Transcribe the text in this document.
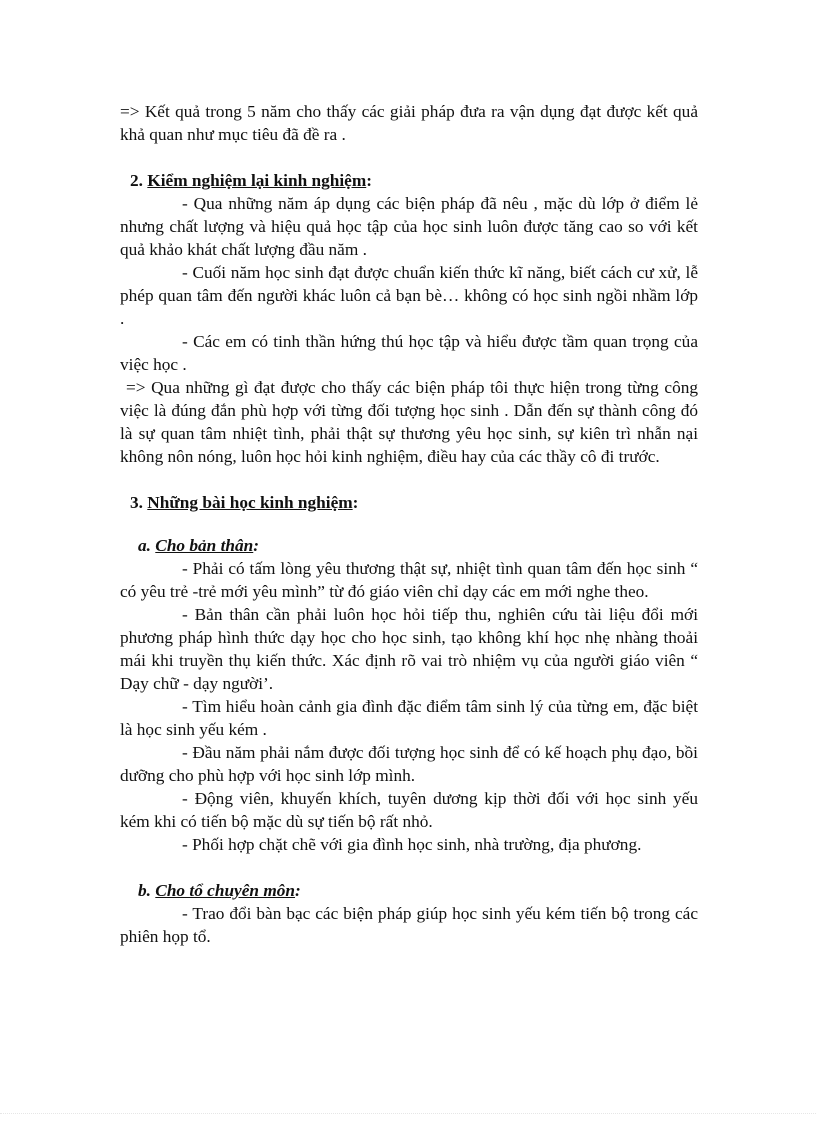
=> Kết quả trong 5 năm cho thấy các giải pháp đưa ra vận dụng đạt được kết quả khả quan như mục tiêu đã đề ra .

2. Kiểm nghiệm lại kinh nghiệm:

- Qua những năm áp dụng các biện pháp đã nêu , mặc dù lớp ở điểm lẻ nhưng chất lượng và hiệu quả học tập của học sinh luôn được tăng cao so với kết quả khảo khát chất lượng đầu năm .

- Cuối năm học sinh đạt được chuẩn kiến thức kĩ năng, biết cách cư xử, lễ phép quan tâm đến người khác luôn cả bạn bè… không có học sinh ngồi nhầm lớp .

- Các em có tinh thần hứng thú học tập và hiểu được tầm quan trọng của việc học .

=> Qua những gì đạt được cho thấy các biện pháp tôi thực hiện trong từng công việc là đúng đắn phù hợp với từng đối tượng học sinh . Dẫn đến sự thành công đó là sự quan tâm nhiệt tình, phải thật sự thương yêu học sinh, sự kiên trì nhẫn nại không nôn nóng, luôn học hỏi kinh nghiệm, điều hay của các thầy cô đi trước.

3. Những bài học kinh nghiệm:

a. Cho bản thân:

- Phải có tấm lòng yêu thương thật sự, nhiệt tình quan tâm đến học sinh “ có yêu trẻ -trẻ mới yêu mình” từ đó giáo viên chỉ dạy các em mới nghe theo.

- Bản thân cần phải luôn học hỏi tiếp thu, nghiên cứu tài liệu đổi mới phương pháp hình thức dạy học cho học sinh, tạo không khí học nhẹ nhàng thoải mái khi truyền thụ kiến thức. Xác định rõ vai trò nhiệm vụ của người giáo viên “ Dạy chữ - dạy người’.

- Tìm hiểu hoàn cảnh gia đình đặc điểm tâm sinh lý của từng em, đặc biệt là học sinh yếu kém .

- Đầu năm phải nắm được đối tượng học sinh để có kế hoạch phụ đạo, bồi dưỡng cho phù hợp với học sinh lớp mình.

- Động viên, khuyến khích, tuyên dương kịp thời đối với học sinh yếu kém khi có tiến bộ mặc dù sự tiến bộ rất nhỏ.

- Phối hợp chặt chẽ với gia đình học sinh, nhà trường, địa phương.

b. Cho tổ chuyên môn:

- Trao đổi bàn bạc các biện pháp giúp học sinh yếu kém tiến bộ trong các phiên họp tổ.
